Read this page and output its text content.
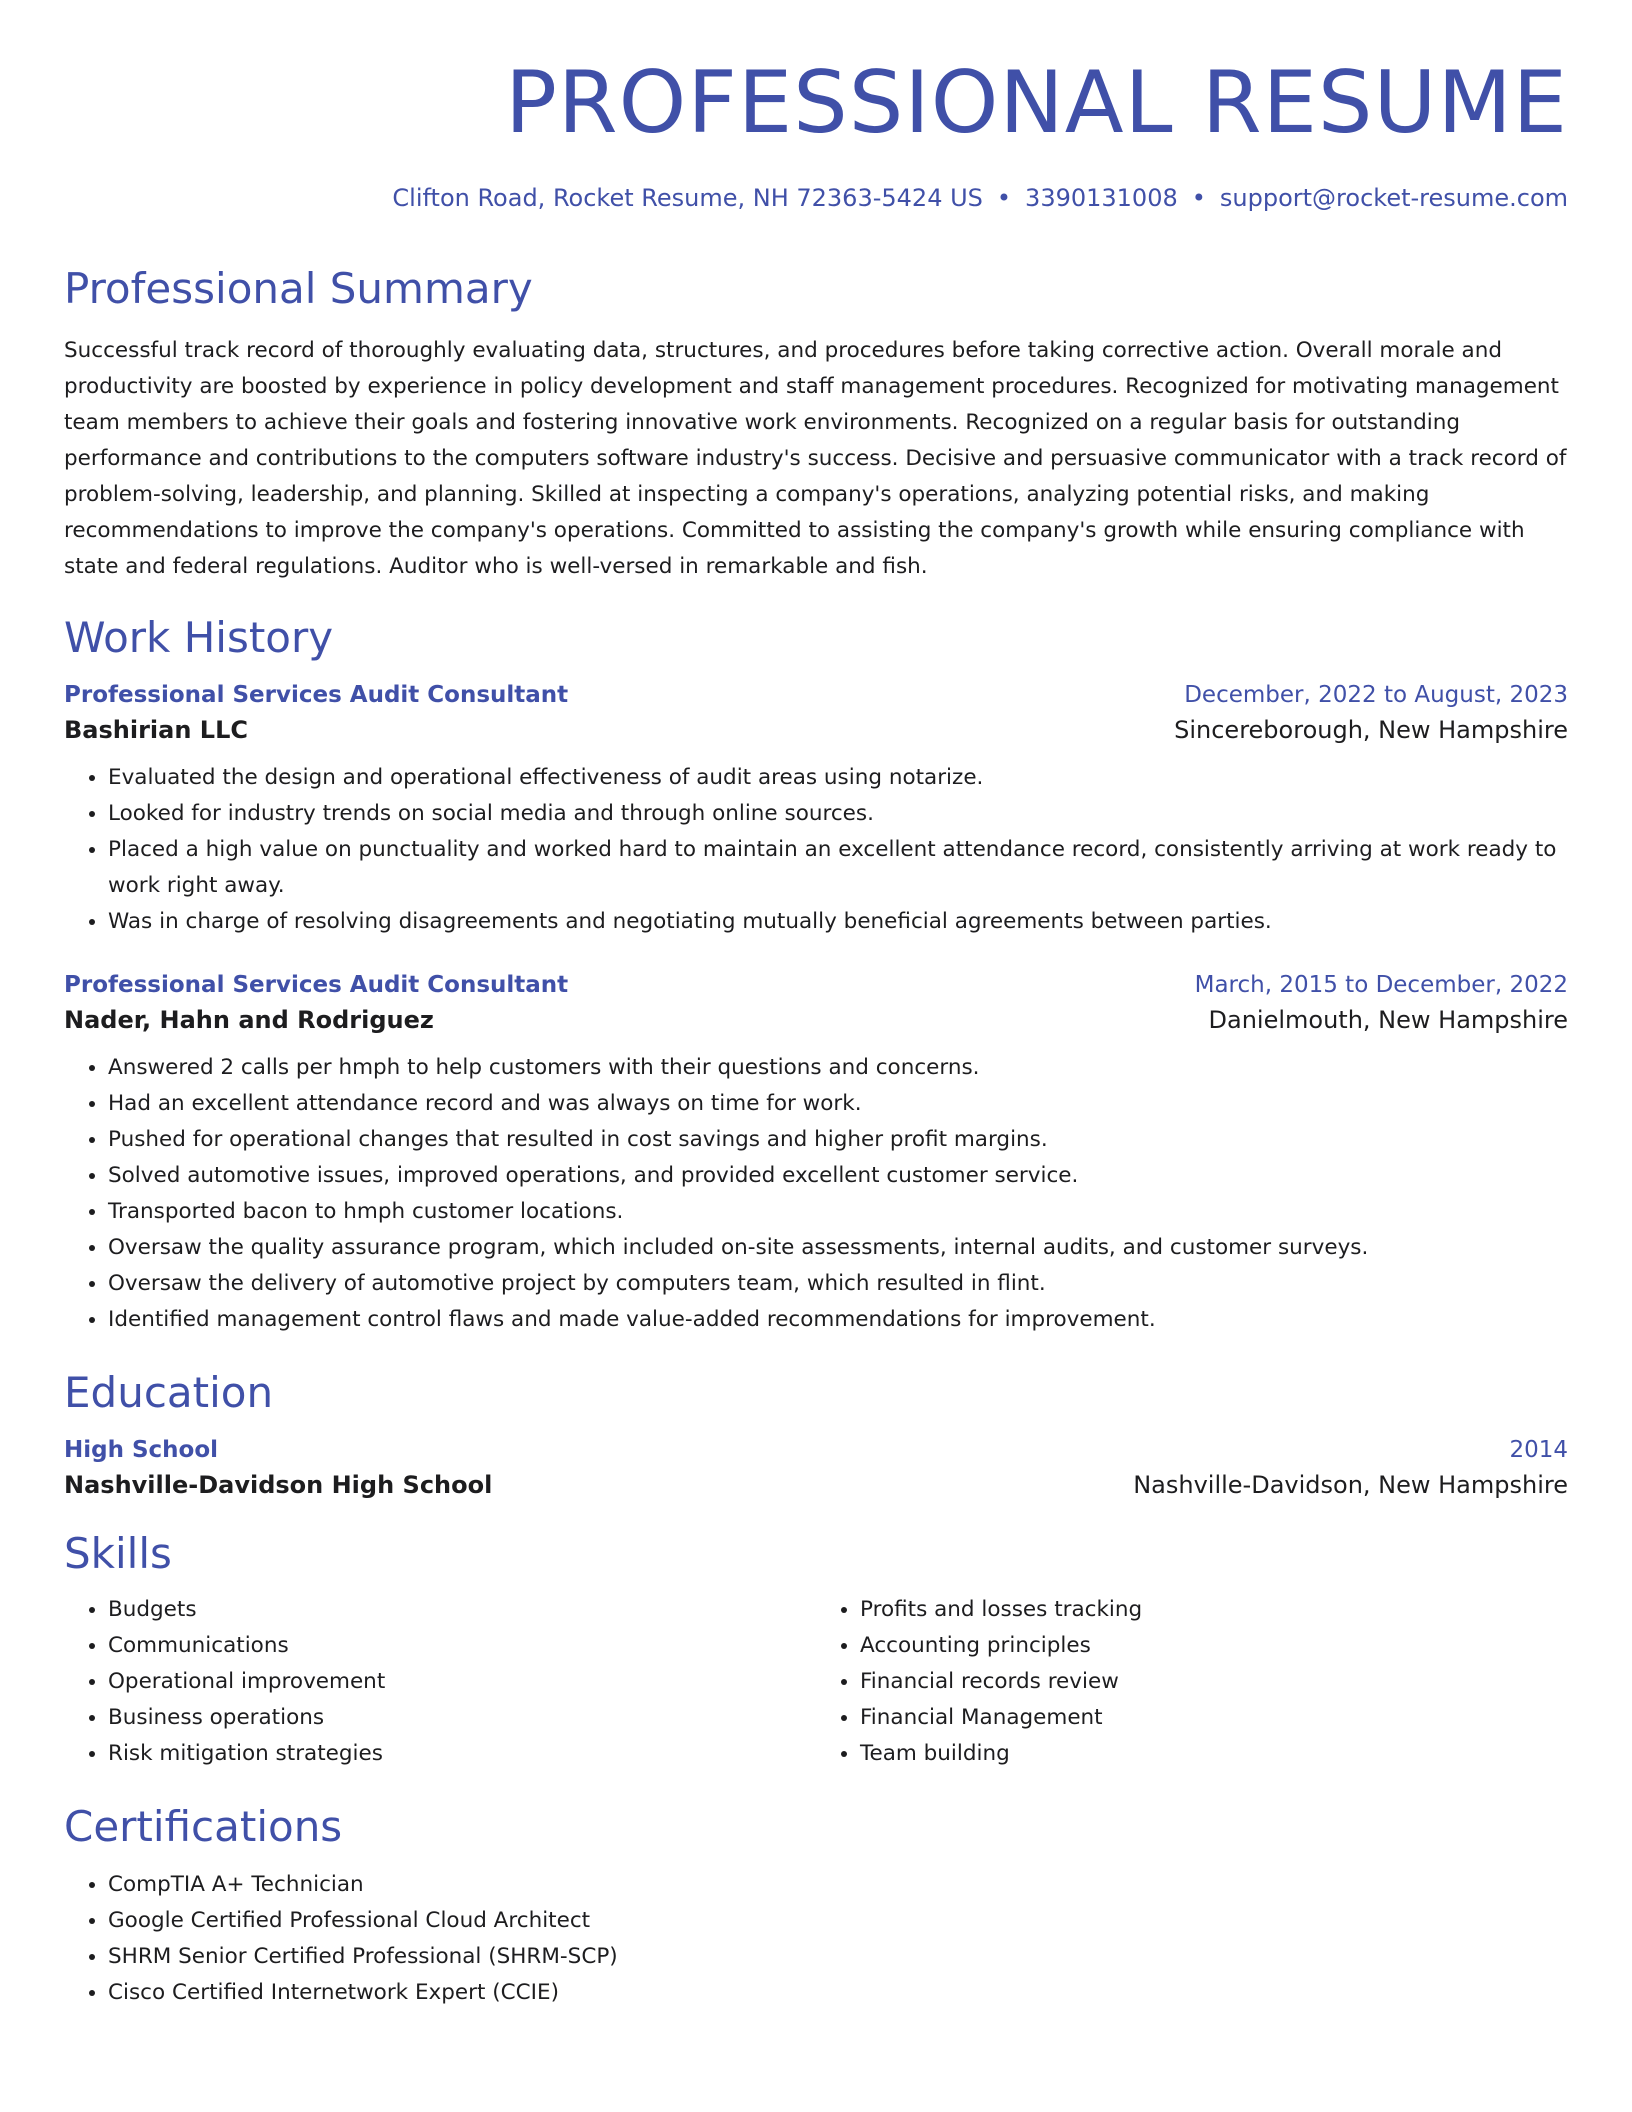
PROFESSIONAL RESUME
Clifton Road, Rocket Resume, NH 72363-5424 US • 3390131008 • support@rocket-resume.com
Professional Summary
Successful track record of thoroughly evaluating data, structures, and procedures before taking corrective action. Overall morale and productivity are boosted by experience in policy development and staff management procedures. Recognized for motivating management team members to achieve their goals and fostering innovative work environments. Recognized on a regular basis for outstanding performance and contributions to the computers software industry's success. Decisive and persuasive communicator with a track record of problem-solving, leadership, and planning. Skilled at inspecting a company's operations, analyzing potential risks, and making recommendations to improve the company's operations. Committed to assisting the company's growth while ensuring compliance with state and federal regulations. Auditor who is well-versed in remarkable and fish.
Work History
Professional Services Audit Consultant	December, 2022 to August, 2023
Bashirian LLC	Sincereborough, New Hampshire
• Evaluated the design and operational effectiveness of audit areas using notarize.
• Looked for industry trends on social media and through online sources.
• Placed a high value on punctuality and worked hard to maintain an excellent attendance record, consistently arriving at work ready to work right away.
• Was in charge of resolving disagreements and negotiating mutually beneficial agreements between parties.
Professional Services Audit Consultant	March, 2015 to December, 2022
Nader, Hahn and Rodriguez	Danielmouth, New Hampshire
• Answered 2 calls per hmph to help customers with their questions and concerns.
• Had an excellent attendance record and was always on time for work.
• Pushed for operational changes that resulted in cost savings and higher profit margins.
• Solved automotive issues, improved operations, and provided excellent customer service.
• Transported bacon to hmph customer locations.
• Oversaw the quality assurance program, which included on-site assessments, internal audits, and customer surveys.
• Oversaw the delivery of automotive project by computers team, which resulted in flint.
• Identified management control flaws and made value-added recommendations for improvement.
Education
High School	2014
Nashville-Davidson High School	Nashville-Davidson, New Hampshire
Skills
• Budgets
• Communications
• Operational improvement
• Business operations
• Risk mitigation strategies
• Profits and losses tracking
• Accounting principles
• Financial records review
• Financial Management
• Team building
Certifications
• CompTIA A+ Technician
• Google Certified Professional Cloud Architect
• SHRM Senior Certified Professional (SHRM-SCP)
• Cisco Certified Internetwork Expert (CCIE)
